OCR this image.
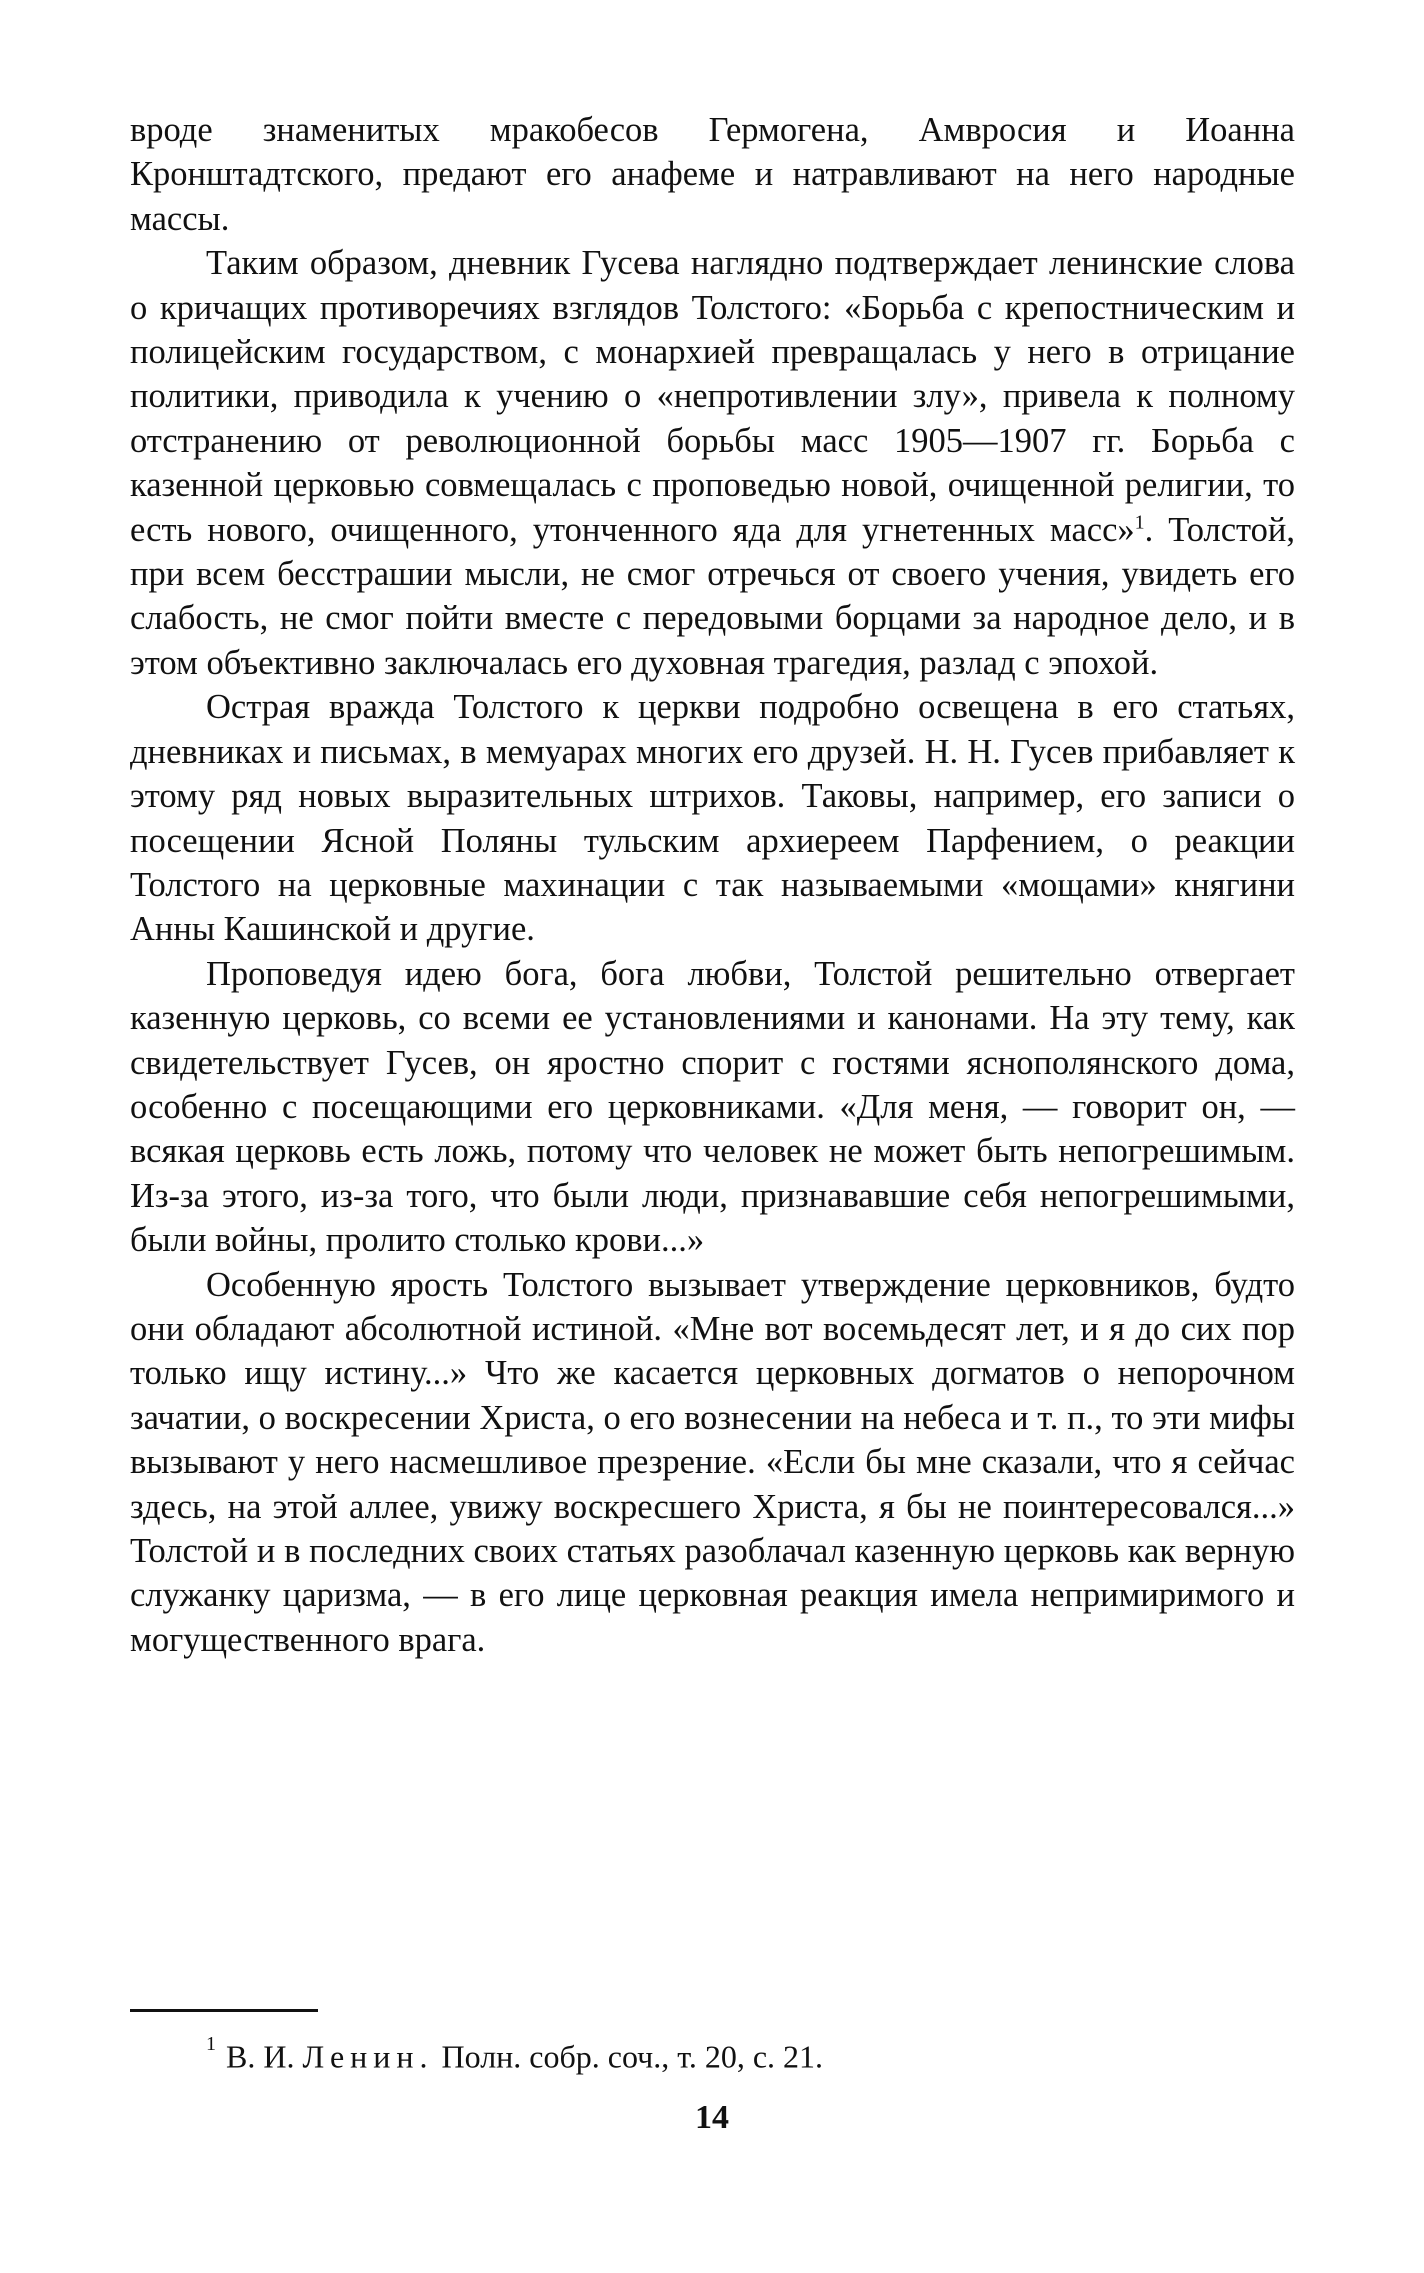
вроде знаменитых мракобесов Гермогена, Амвросия и Иоанна Кронштадтского, предают его анафеме и натравливают на него народные массы.

Таким образом, дневник Гусева наглядно подтверждает ленинские слова о кричащих противоречиях взглядов Толстого: «Борьба с крепостническим и полицейским государством, с монархией превращалась у него в отрицание политики, приводила к учению о «непротивлении злу», привела к полному отстранению от революционной борьбы масс 1905—1907 гг. Борьба с казенной церковью совмещалась с проповедью новой, очищенной религии, то есть нового, очищенного, утонченного яда для угнетенных масс»$^1$. Толстой, при всем бесстрашии мысли, не смог отречься от своего учения, увидеть его слабость, не смог пойти вместе с передовыми борцами за народное дело, и в этом объективно заключалась его духовная трагедия, разлад с эпохой.

Острая вражда Толстого к церкви подробно освещена в его статьях, дневниках и письмах, в мемуарах многих его друзей. Н. Н. Гусев прибавляет к этому ряд новых выразительных штрихов. Таковы, например, его записи о посещении Ясной Поляны тульским архиереем Парфением, о реакции Толстого на церковные махинации с так называемыми «мощами» княгини Анны Кашинской и другие.

Проповедуя идею бога, бога любви, Толстой решительно отвергает казенную церковь, со всеми ее установлениями и канонами. На эту тему, как свидетельствует Гусев, он яростно спорит с гостями яснополянского дома, особенно с посещающими его церковниками. «Для меня, — говорит он, — всякая церковь есть ложь, потому что человек не может быть непогрешимым. Из-за этого, из-за того, что были люди, признававшие себя непогрешимыми, были войны, пролито столько крови...»

Особенную ярость Толстого вызывает утверждение церковников, будто они обладают абсолютной истиной. «Мне вот восемьдесят лет, и я до сих пор только ищу истину...» Что же касается церковных догматов о непорочном зачатии, о воскресении Христа, о его вознесении на небеса и т. п., то эти мифы вызывают у него насмешливое презрение. «Если бы мне сказали, что я сейчас здесь, на этой аллее, увижу воскресшего Христа, я бы не поинтересовался...» Толстой и в последних своих статьях разоблачал казенную церковь как верную служанку царизма, — в его лице церковная реакция имела непримиримого и могущественного врага.

$^1$ В. И. Ленин. Полн. собр. соч., т. 20, с. 21.
14
